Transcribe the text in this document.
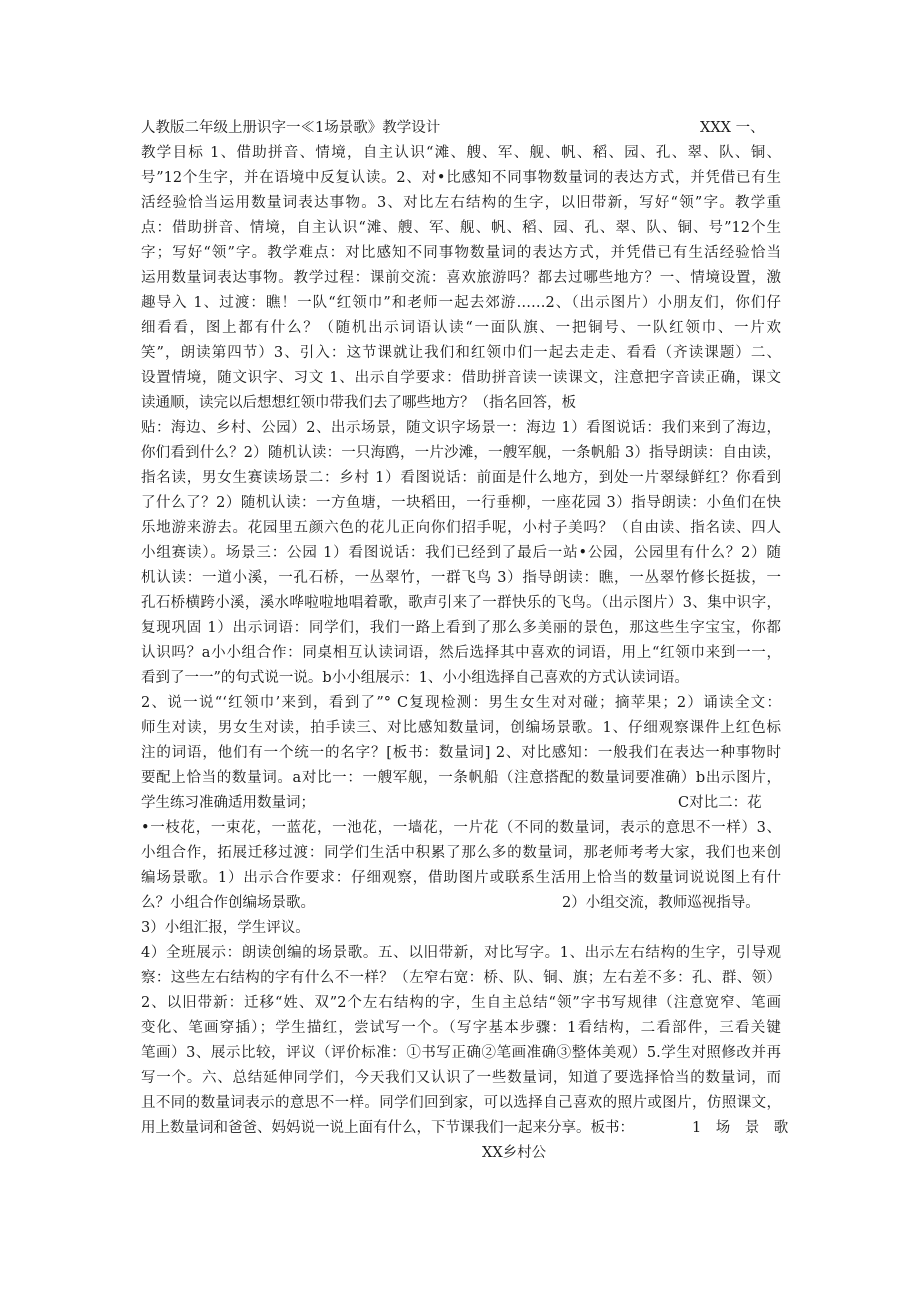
人教版二年级上册识字一≪1场景歌》教学设计	XXX 一、
教学目标 1、借助拼音、情境，自主认识“滩、艘、军、舰、帆、稻、园、孔、翠、队、铜、
号”12个生字，并在语境中反复认读。2、对•比感知不同事物数量词的表达方式，并凭借已有生
活经验恰当运用数量词表达事物。3、对比左右结构的生字，以旧带新，写好“领”字。教学重
点：借助拼音、情境，自主认识“滩、艘、军、舰、帆、稻、园、孔、翠、队、铜、号”12个生
字；写好“领”字。教学难点：对比感知不同事物数量词的表达方式，并凭借已有生活经验恰当
运用数量词表达事物。教学过程：课前交流：喜欢旅游吗？都去过哪些地方？一、情境设置，激
趣导入 1、过渡：瞧！一队“红领巾”和老师一起去郊游……2、（出示图片）小朋友们，你们仔
细看看，图上都有什么？（随机出示词语认读“一面队旗、一把铜号、一队红领巾、一片欢
笑”，朗读第四节）3、引入：这节课就让我们和红领巾们一起去走走、看看（齐读课题）二、
设置情境，随文识字、习文 1、出示自学要求：借助拼音读一读课文，注意把字音读正确，课文
读通顺，读完以后想想红领巾带我们去了哪些地方？（指名回答，板
贴：海边、乡村、公园）2、出示场景，随文识字场景一：海边 1）看图说话：我们来到了海边，
你们看到什么？2）随机认读：一只海鸥，一片沙滩，一艘军舰，一条帆船 3）指导朗读：自由读，
指名读，男女生赛读场景二：乡村 1）看图说话：前面是什么地方，到处一片翠绿鲜红？你看到
了什么了？2）随机认读：一方鱼塘，一块稻田，一行垂柳，一座花园 3）指导朗读：小鱼们在快
乐地游来游去。花园里五颜六色的花儿正向你们招手呢，小村子美吗？（自由读、指名读、四人
小组赛读）。场景三：公园 1）看图说话：我们已经到了最后一站•公园，公园里有什么？2）随
机认读：一道小溪，一孔石桥，一丛翠竹，一群飞鸟 3）指导朗读：瞧，一丛翠竹修长挺拔，一
孔石桥横跨小溪，溪水哗啦啦地唱着歌，歌声引来了一群快乐的飞鸟。（出示图片）3、集中识字，
复现巩固 1）出示词语：同学们，我们一路上看到了那么多美丽的景色，那这些生字宝宝，你都
认识吗？a小小组合作：同桌相互认读词语，然后选择其中喜欢的词语，用上“红领巾来到一一，
看到了一一”的句式说一说。b小小组展示：1、小小组选择自己喜欢的方式认读词语。
2、说一说“‘红领巾’来到，看到了”° C复现检测：男生女生对对碰；摘苹果；2）诵读全文：
师生对读，男女生对读，拍手读三、对比感知数量词，创编场景歌。1、仔细观察课件上红色标
注的词语，他们有一个统一的名字？[板书：数量词] 2、对比感知：一般我们在表达一种事物时
要配上恰当的数量词。a对比一：一艘军舰，一条帆船（注意搭配的数量词要准确）b出示图片，
学生练习准确适用数量词；	C对比二：花
•一枝花，一束花，一蓝花，一池花，一墙花，一片花（不同的数量词，表示的意思不一样）3、
小组合作，拓展迁移过渡：同学们生活中积累了那么多的数量词，那老师考考大家，我们也来创
编场景歌。1）出示合作要求：仔细观察，借助图片或联系生活用上恰当的数量词说说图上有什
么？小组合作创编场景歌。	2）小组交流，教师巡视指导。
3）小组汇报，学生评议。
4）全班展示：朗读创编的场景歌。五、以旧带新，对比写字。1、出示左右结构的生字，引导观
察：这些左右结构的字有什么不一样？（左窄右宽：桥、队、铜、旗；左右差不多：孔、群、领）
2、以旧带新：迁移“姓、双”2个左右结构的字，生自主总结“领”字书写规律（注意宽窄、笔画
变化、笔画穿插）；学生描红，尝试写一个。（写字基本步骤：1看结构，二看部件，三看关键
笔画）3、展示比较，评议（评价标准：①书写正确②笔画准确③整体美观）5.学生对照修改并再
写一个。六、总结延伸同学们，今天我们又认识了一些数量词，知道了要选择恰当的数量词，而
且不同的数量词表示的意思不一样。同学们回到家，可以选择自己喜欢的照片或图片，仿照课文，
用上数量词和爸爸、妈妈说一说上面有什么，下节课我们一起来分享。板书：	1　场　景　歌
XX乡村公
